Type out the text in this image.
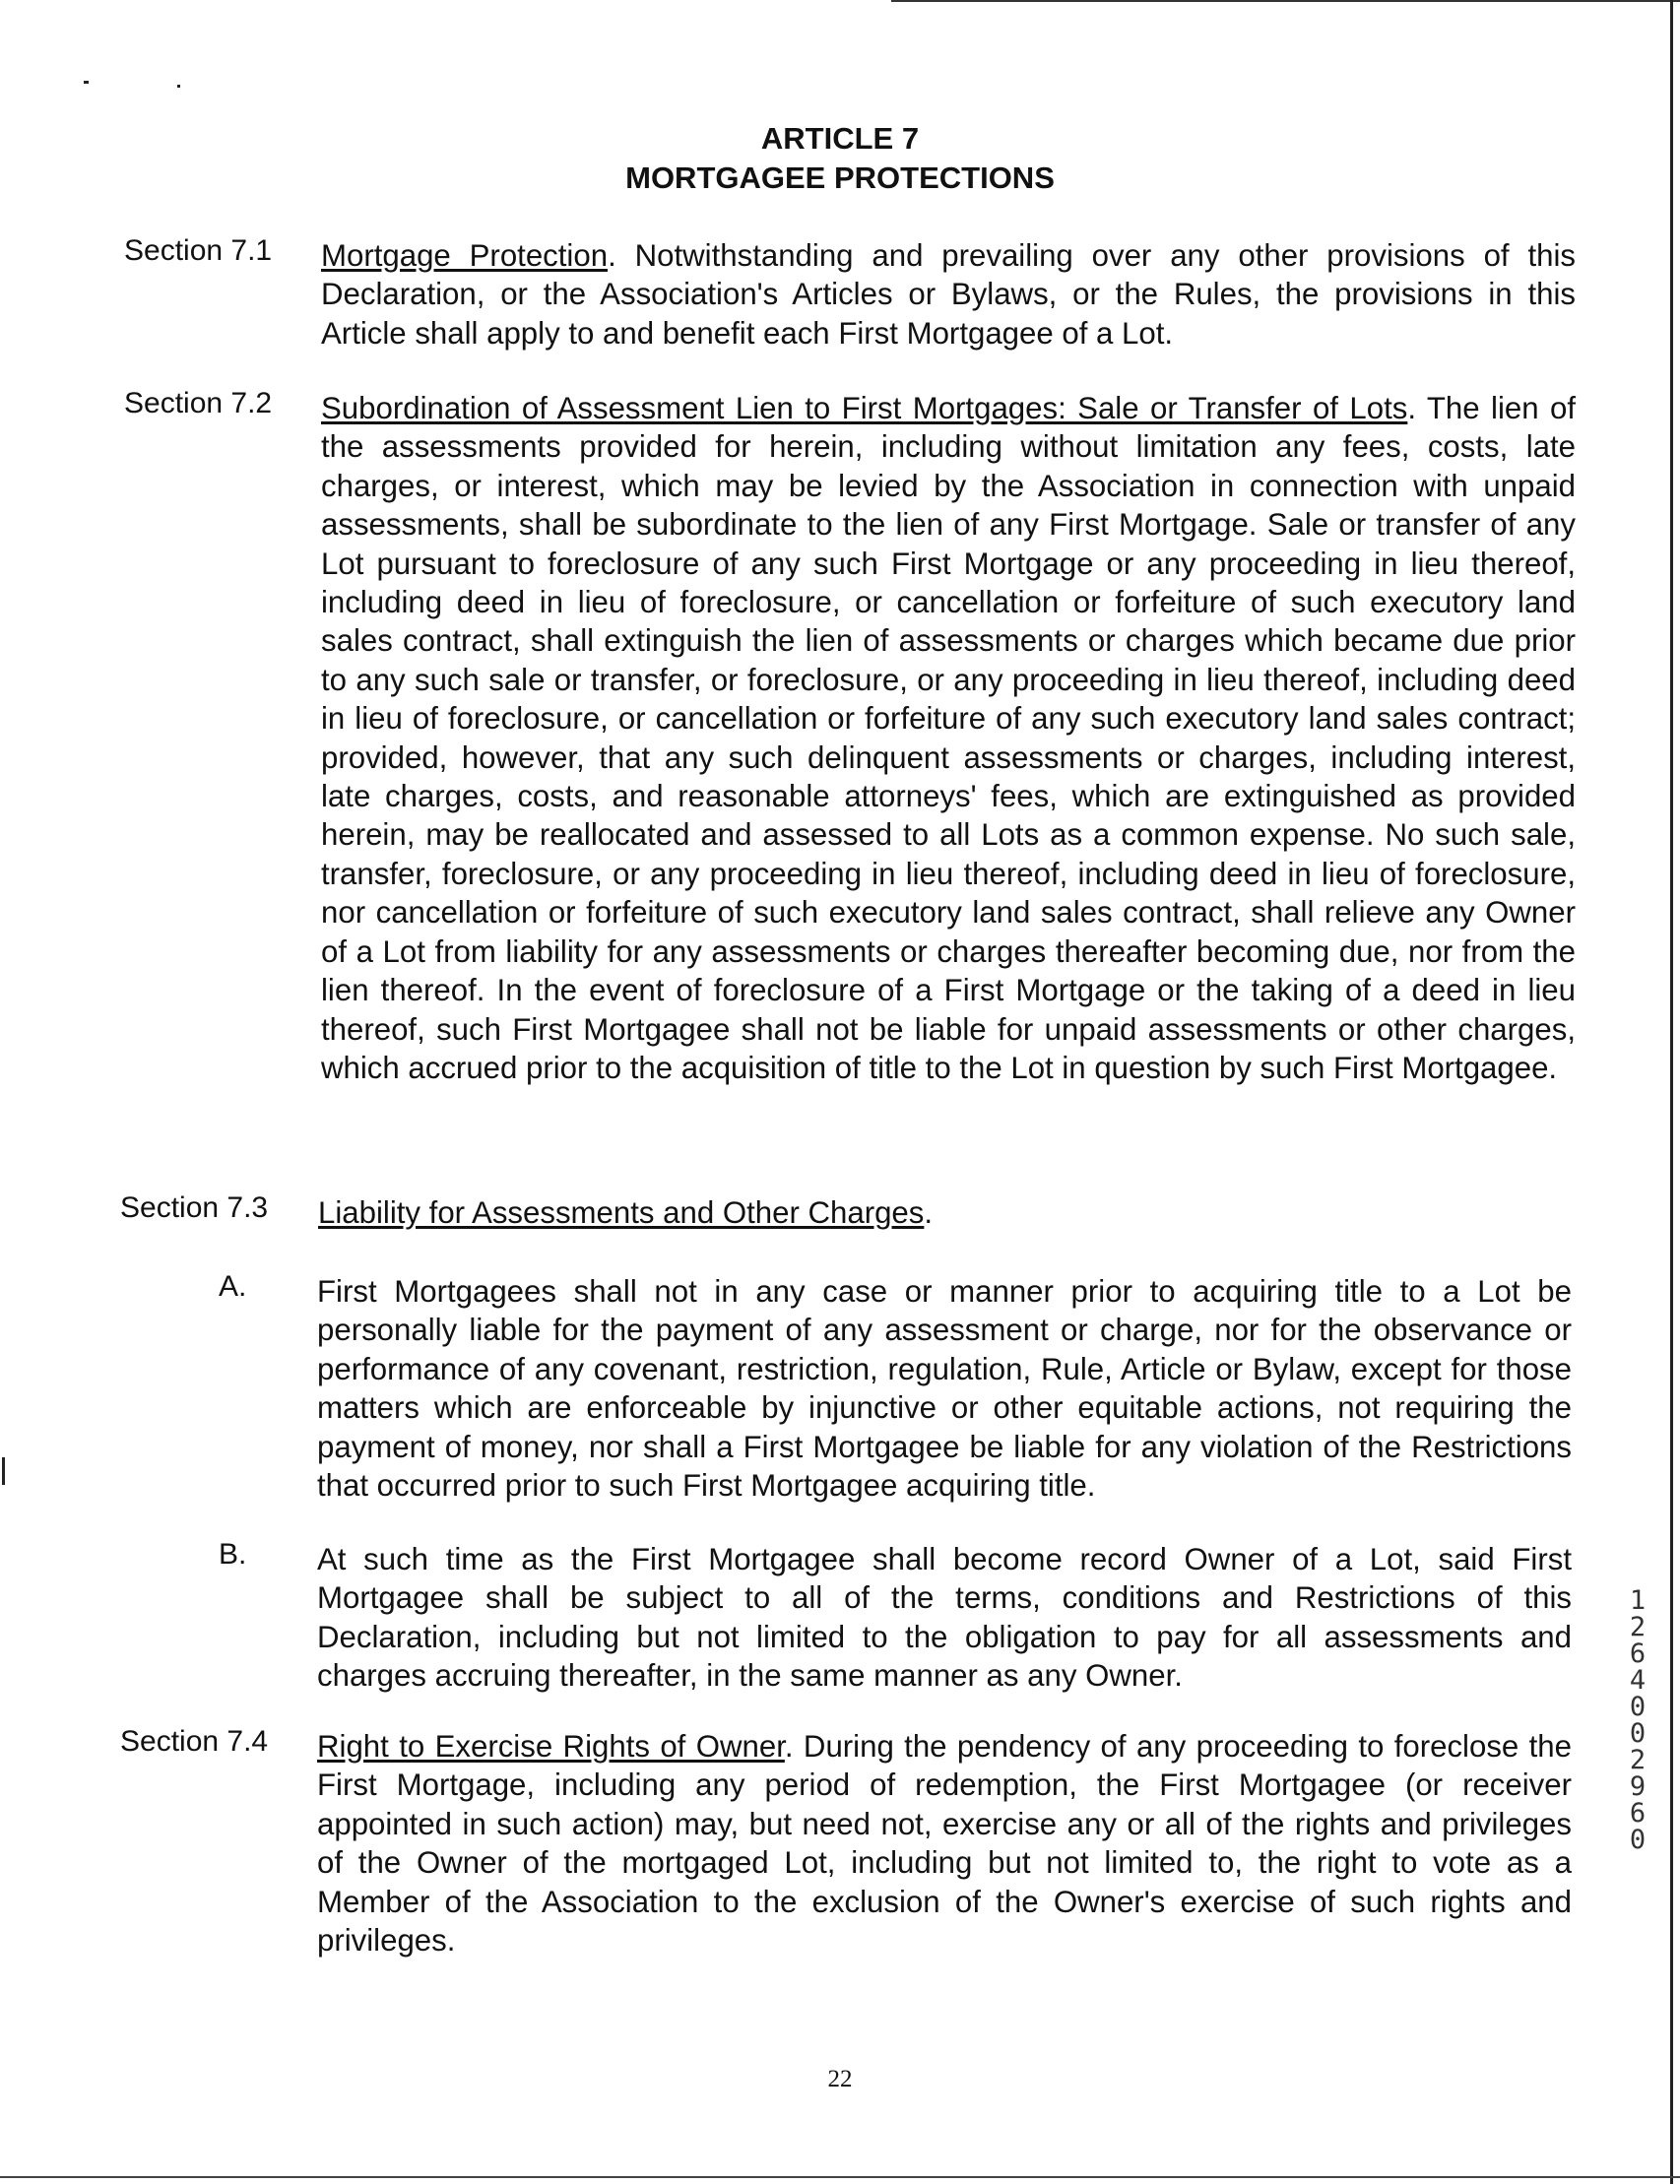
ARTICLE 7
MORTGAGEE PROTECTIONS
Section 7.1 Mortgage Protection. Notwithstanding and prevailing over any other provisions of this Declaration, or the Association's Articles or Bylaws, or the Rules, the provisions in this Article shall apply to and benefit each First Mortgagee of a Lot.
Section 7.2 Subordination of Assessment Lien to First Mortgages: Sale or Transfer of Lots. The lien of the assessments provided for herein, including without limitation any fees, costs, late charges, or interest, which may be levied by the Association in connection with unpaid assessments, shall be subordinate to the lien of any First Mortgage. Sale or transfer of any Lot pursuant to foreclosure of any such First Mortgage or any proceeding in lieu thereof, including deed in lieu of foreclosure, or cancellation or forfeiture of such executory land sales contract, shall extinguish the lien of assessments or charges which became due prior to any such sale or transfer, or foreclosure, or any proceeding in lieu thereof, including deed in lieu of foreclosure, or cancellation or forfeiture of any such executory land sales contract; provided, however, that any such delinquent assessments or charges, including interest, late charges, costs, and reasonable attorneys' fees, which are extinguished as provided herein, may be reallocated and assessed to all Lots as a common expense. No such sale, transfer, foreclosure, or any proceeding in lieu thereof, including deed in lieu of foreclosure, nor cancellation or forfeiture of such executory land sales contract, shall relieve any Owner of a Lot from liability for any assessments or charges thereafter becoming due, nor from the lien thereof. In the event of foreclosure of a First Mortgage or the taking of a deed in lieu thereof, such First Mortgagee shall not be liable for unpaid assessments or other charges, which accrued prior to the acquisition of title to the Lot in question by such First Mortgagee.
Section 7.3 Liability for Assessments and Other Charges.
A. First Mortgagees shall not in any case or manner prior to acquiring title to a Lot be personally liable for the payment of any assessment or charge, nor for the observance or performance of any covenant, restriction, regulation, Rule, Article or Bylaw, except for those matters which are enforceable by injunctive or other equitable actions, not requiring the payment of money, nor shall a First Mortgagee be liable for any violation of the Restrictions that occurred prior to such First Mortgagee acquiring title.
B. At such time as the First Mortgagee shall become record Owner of a Lot, said First Mortgagee shall be subject to all of the terms, conditions and Restrictions of this Declaration, including but not limited to the obligation to pay for all assessments and charges accruing thereafter, in the same manner as any Owner.
Section 7.4 Right to Exercise Rights of Owner. During the pendency of any proceeding to foreclose the First Mortgage, including any period of redemption, the First Mortgagee (or receiver appointed in such action) may, but need not, exercise any or all of the rights and privileges of the Owner of the mortgaged Lot, including but not limited to, the right to vote as a Member of the Association to the exclusion of the Owner's exercise of such rights and privileges.
22
12640 02960
